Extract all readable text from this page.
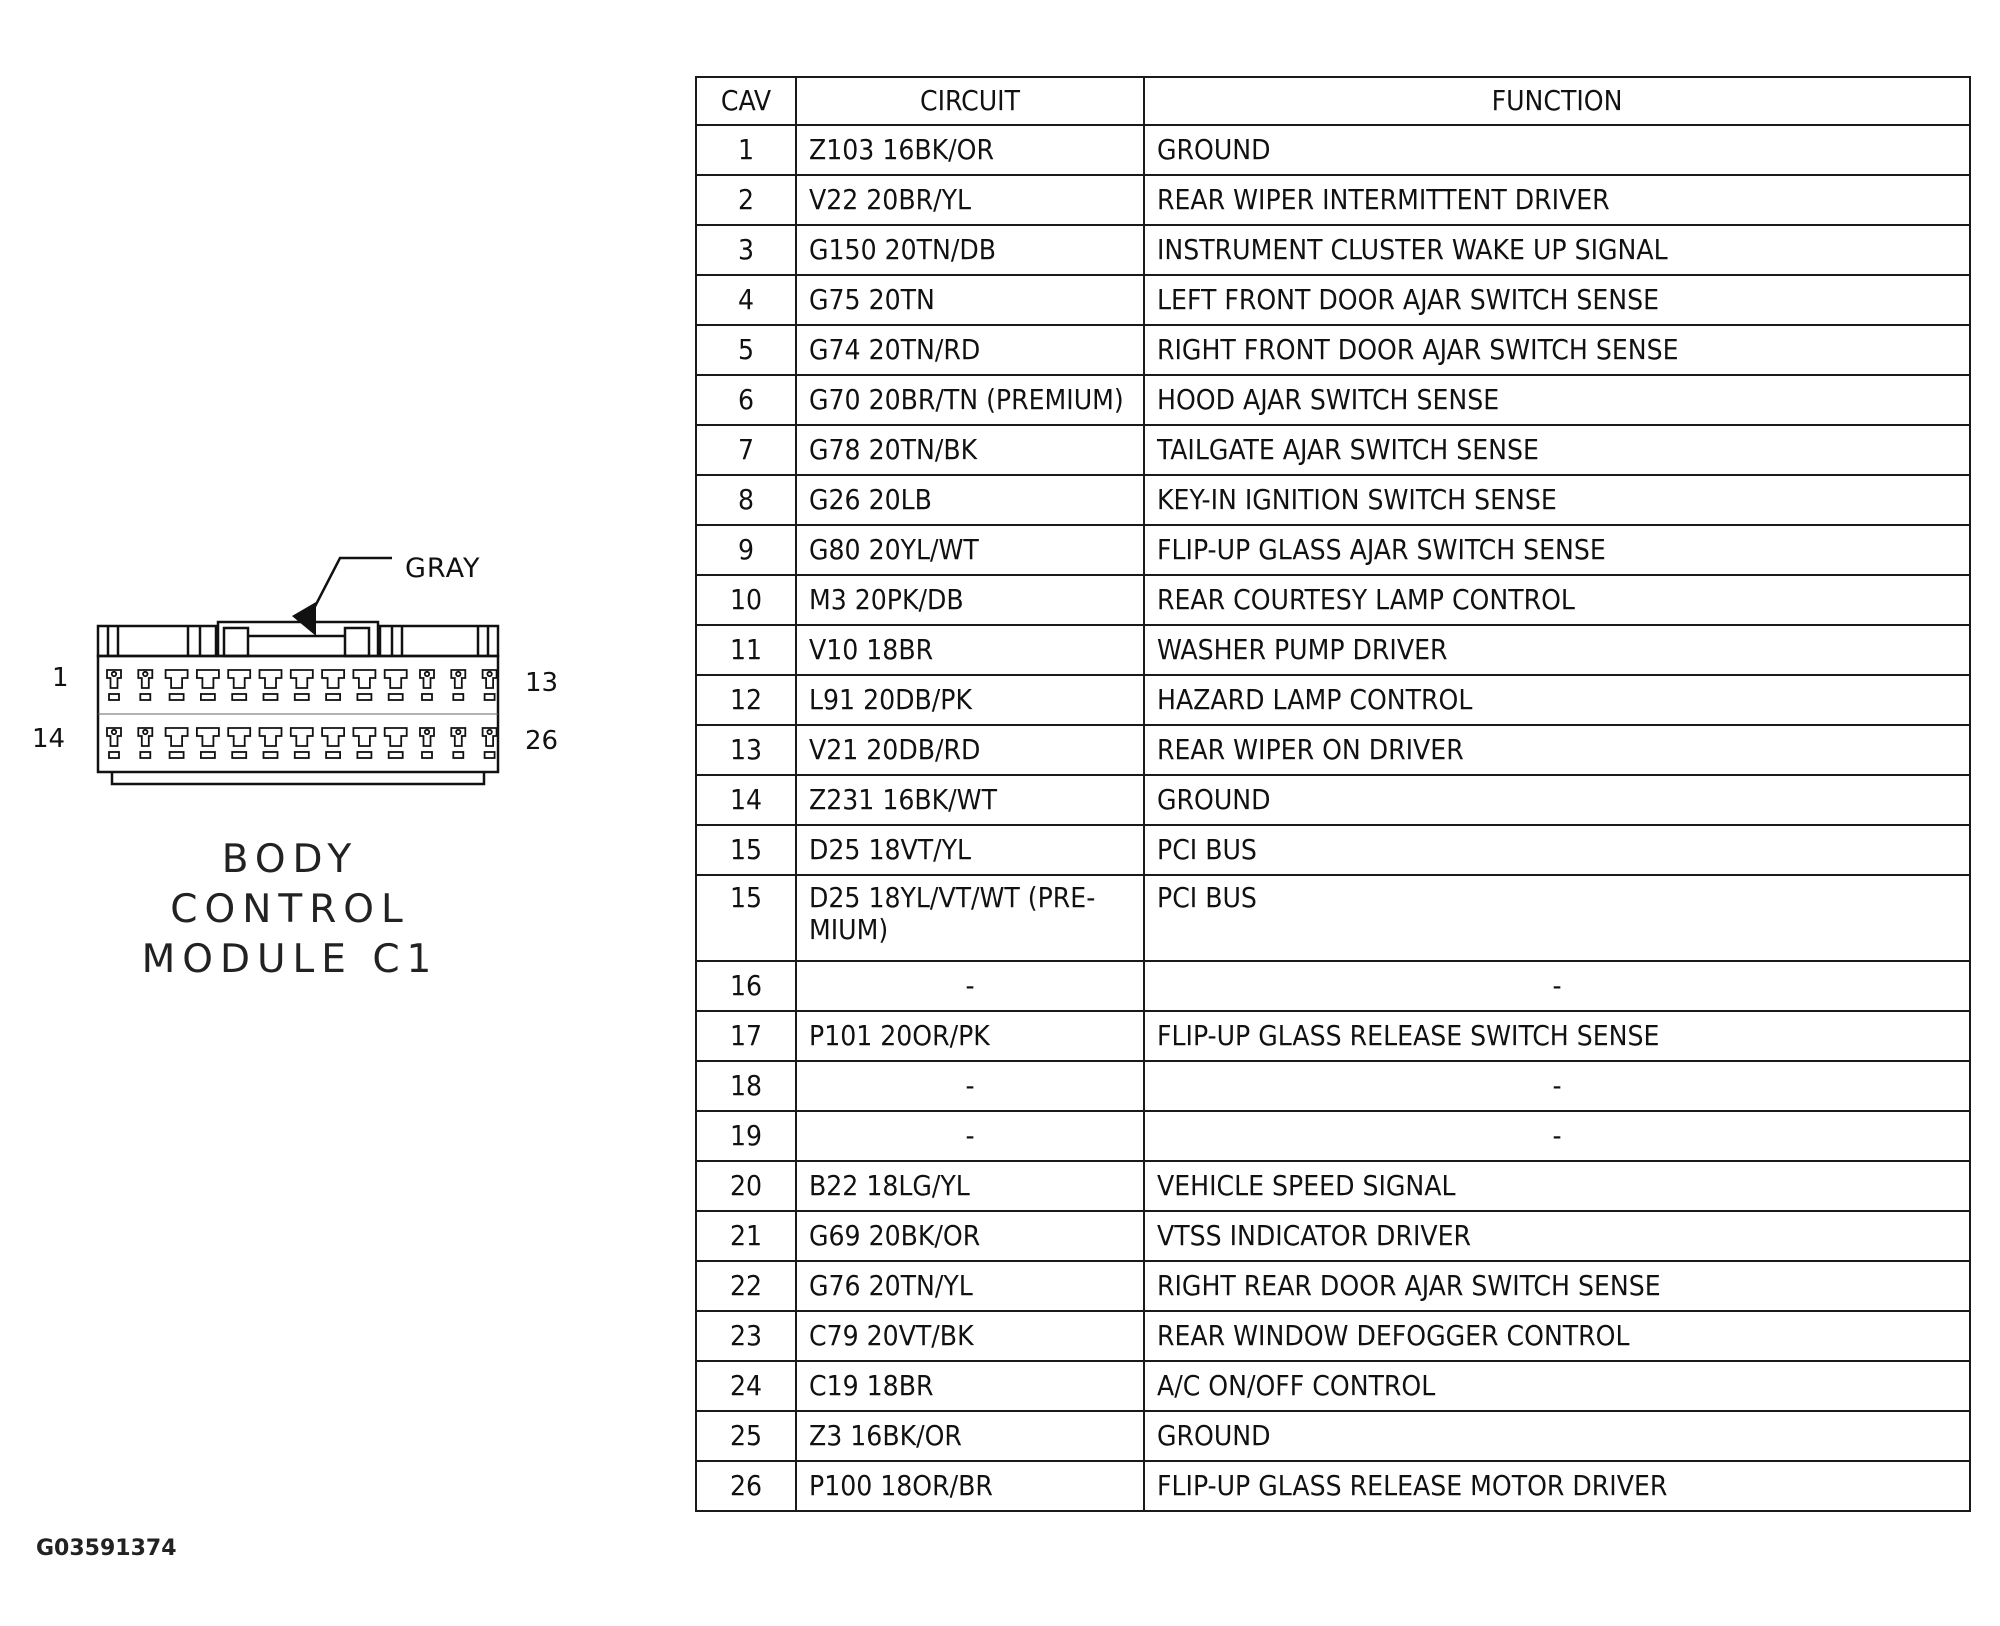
GRAY
1	13
14	26
BODY
CONTROL
MODULE C1
G03591374
CAV	CIRCUIT	FUNCTION
1	Z103 16BK/OR	GROUND
2	V22 20BR/YL	REAR WIPER INTERMITTENT DRIVER
3	G150 20TN/DB	INSTRUMENT CLUSTER WAKE UP SIGNAL
4	G75 20TN	LEFT FRONT DOOR AJAR SWITCH SENSE
5	G74 20TN/RD	RIGHT FRONT DOOR AJAR SWITCH SENSE
6	G70 20BR/TN (PREMIUM)	HOOD AJAR SWITCH SENSE
7	G78 20TN/BK	TAILGATE AJAR SWITCH SENSE
8	G26 20LB	KEY-IN IGNITION SWITCH SENSE
9	G80 20YL/WT	FLIP-UP GLASS AJAR SWITCH SENSE
10	M3 20PK/DB	REAR COURTESY LAMP CONTROL
11	V10 18BR	WASHER PUMP DRIVER
12	L91 20DB/PK	HAZARD LAMP CONTROL
13	V21 20DB/RD	REAR WIPER ON DRIVER
14	Z231 16BK/WT	GROUND
15	D25 18VT/YL	PCI BUS
15	D25 18YL/VT/WT (PRE-
MIUM)	PCI BUS
16	-	-
17	P101 20OR/PK	FLIP-UP GLASS RELEASE SWITCH SENSE
18	-	-
19	-	-
20	B22 18LG/YL	VEHICLE SPEED SIGNAL
21	G69 20BK/OR	VTSS INDICATOR DRIVER
22	G76 20TN/YL	RIGHT REAR DOOR AJAR SWITCH SENSE
23	C79 20VT/BK	REAR WINDOW DEFOGGER CONTROL
24	C19 18BR	A/C ON/OFF CONTROL
25	Z3 16BK/OR	GROUND
26	P100 18OR/BR	FLIP-UP GLASS RELEASE MOTOR DRIVER
